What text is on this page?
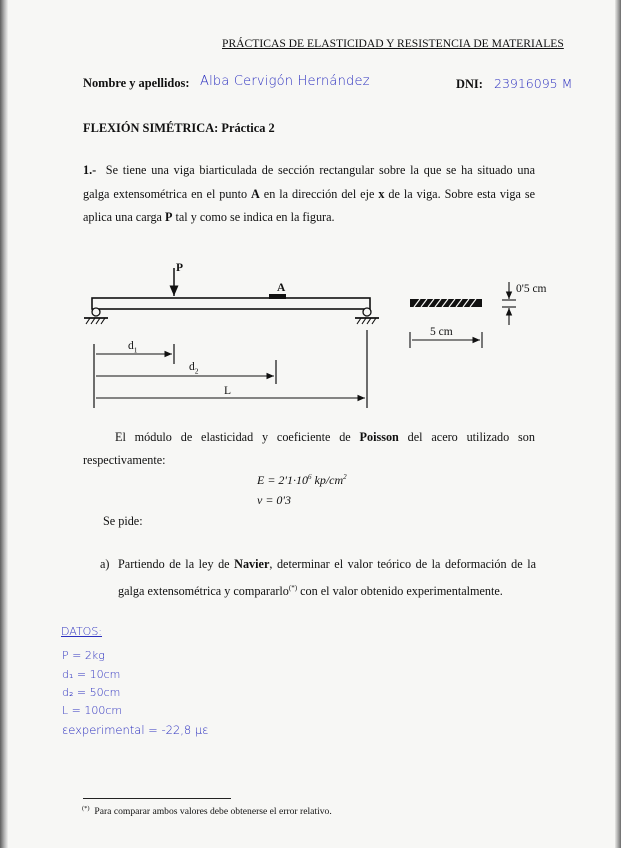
PRÁCTICAS DE ELASTICIDAD Y RESISTENCIA DE MATERIALES
Nombre y apellidos: Alba Cervigón Hernández	DNI: 23916095 M
FLEXIÓN SIMÉTRICA: Práctica 2
1.- Se tiene una viga biarticulada de sección rectangular sobre la que se ha situado una galga extensométrica en el punto A en la dirección del eje x de la viga. Sobre esta viga se aplica una carga P tal y como se indica en la figura.
P
A
$d_1$
$d_2$
L
0'5 cm
5 cm
El módulo de elasticidad y coeficiente de Poisson del acero utilizado son respectivamente:
$E = 2'1\cdot 10^6$ $kp/cm^2$
ν = 0'3
Se pide:
a) Partiendo de la ley de Navier, determinar el valor teórico de la deformación de la galga extensométrica y compararlo(*) con el valor obtenido experimentalmente.
DATOS:
P = 2kg
d₁ = 10cm
d₂ = 50cm
L = 100cm
εexperimental = -22,8 με
(*) Para comparar ambos valores debe obtenerse el error relativo.
